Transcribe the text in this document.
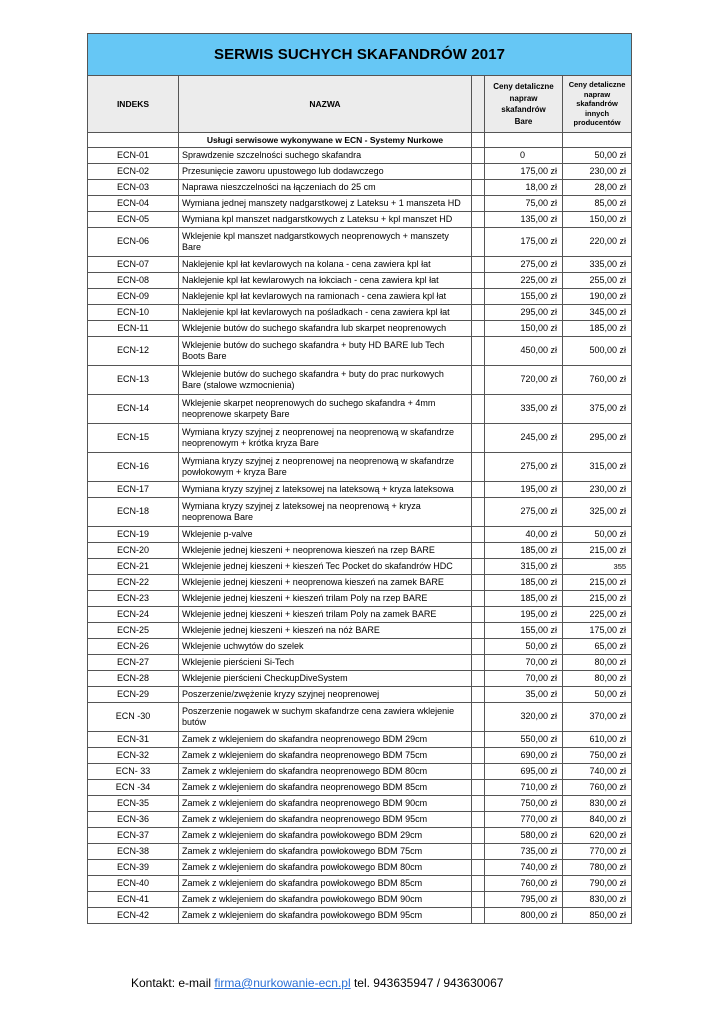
SERWIS SUCHYCH SKAFANDRÓW 2017				
INDEKS	NAZWA		Ceny detaliczne
napraw
skafandrów
Bare	Ceny detaliczne
napraw
skafandrów
innych
producentów
	Usługi serwisowe wykonywane w ECN - Systemy Nurkowe			
ECN-01	Sprawdzenie szczelności suchego skafandra		0	50,00 zł
ECN-02	Przesunięcie zaworu upustowego lub dodawczego		175,00 zł	230,00 zł
ECN-03	Naprawa nieszczelności na łączeniach do 25 cm		18,00 zł	28,00 zł
ECN-04	Wymiana jednej manszety nadgarstkowej z Lateksu + 1 manszeta HD		75,00 zł	85,00 zł
ECN-05	Wymiana kpl manszet nadgarstkowych z Lateksu + kpl manszet HD		135,00 zł	150,00 zł
ECN-06	Wklejenie kpl manszet nadgarstkowych neoprenowych + manszety
Bare		175,00 zł	220,00 zł
ECN-07	Naklejenie kpl łat kevlarowych na kolana - cena zawiera kpl łat		275,00 zł	335,00 zł
ECN-08	Naklejenie kpl łat kewlarowych na łokciach - cena zawiera kpl łat		225,00 zł	255,00 zł
ECN-09	Naklejenie kpl łat kevlarowych na ramionach - cena zawiera kpl łat		155,00 zł	190,00 zł
ECN-10	Naklejenie kpl łat kevlarowych na pośladkach - cena zawiera kpl łat		295,00 zł	345,00 zł
ECN-11	Wklejenie butów do suchego skafandra lub skarpet neoprenowych		150,00 zł	185,00 zł
ECN-12	Wklejenie butów do suchego skafandra + buty HD BARE lub Tech
Boots Bare		450,00 zł	500,00 zł
ECN-13	Wklejenie butów do suchego skafandra + buty do prac nurkowych
Bare (stalowe wzmocnienia)		720,00 zł	760,00 zł
ECN-14	Wklejenie skarpet neoprenowych do suchego skafandra + 4mm
neoprenowe skarpety Bare		335,00 zł	375,00 zł
ECN-15	Wymiana kryzy szyjnej z neoprenowej na neoprenową w skafandrze
neoprenowym + krótka kryza Bare		245,00 zł	295,00 zł
ECN-16	Wymiana kryzy szyjnej z neoprenowej na neoprenową w skafandrze
powłokowym + kryza Bare		275,00 zł	315,00 zł
ECN-17	Wymiana kryzy szyjnej z lateksowej na lateksową + kryza lateksowa		195,00 zł	230,00 zł
ECN-18	Wymiana kryzy szyjnej z lateksowej na neoprenową + kryza
neoprenowa Bare		275,00 zł	325,00 zł
ECN-19	Wklejenie p-valve		40,00 zł	50,00 zł
ECN-20	Wklejenie jednej kieszeni + neoprenowa kieszeń na rzep BARE		185,00 zł	215,00 zł
ECN-21	Wklejenie jednej kieszeni + kieszeń Tec Pocket do skafandrów HDC		315,00 zł	355
ECN-22	Wklejenie jednej kieszeni + neoprenowa kieszeń na zamek BARE		185,00 zł	215,00 zł
ECN-23	Wklejenie jednej kieszeni + kieszeń trilam Poly na rzep BARE		185,00 zł	215,00 zł
ECN-24	Wklejenie jednej kieszeni + kieszeń trilam Poly na zamek BARE		195,00 zł	225,00 zł
ECN-25	Wklejenie jednej kieszeni + kieszeń na nóż BARE		155,00 zł	175,00 zł
ECN-26	Wklejenie uchwytów do szelek		50,00 zł	65,00 zł
ECN-27	Wklejenie pierścieni Si-Tech		70,00 zł	80,00 zł
ECN-28	Wklejenie pierścieni CheckupDiveSystem		70,00 zł	80,00 zł
ECN-29	Poszerzenie/zwężenie kryzy szyjnej neoprenowej		35,00 zł	50,00 zł
ECN -30	Poszerzenie nogawek w suchym skafandrze cena zawiera wklejenie
butów		320,00 zł	370,00 zł
ECN-31	Zamek z wklejeniem do skafandra neoprenowego BDM 29cm		550,00 zł	610,00 zł
ECN-32	Zamek z wklejeniem do skafandra neoprenowego BDM 75cm		690,00 zł	750,00 zł
ECN- 33	Zamek z wklejeniem do skafandra neoprenowego BDM 80cm		695,00 zł	740,00 zł
ECN -34	Zamek z wklejeniem do skafandra neoprenowego BDM 85cm		710,00 zł	760,00 zł
ECN-35	Zamek z wklejeniem do skafandra neoprenowego BDM 90cm		750,00 zł	830,00 zł
ECN-36	Zamek z wklejeniem do skafandra neoprenowego BDM 95cm		770,00 zł	840,00 zł
ECN-37	Zamek z wklejeniem do skafandra powłokowego BDM 29cm		580,00 zł	620,00 zł
ECN-38	Zamek z wklejeniem do skafandra powłokowego BDM 75cm		735,00 zł	770,00 zł
ECN-39	Zamek z wklejeniem do skafandra powłokowego BDM 80cm		740,00 zł	780,00 zł
ECN-40	Zamek z wklejeniem do skafandra powłokowego BDM 85cm		760,00 zł	790,00 zł
ECN-41	Zamek z wklejeniem do skafandra powłokowego BDM 90cm		795,00 zł	830,00 zł
ECN-42	Zamek z wklejeniem do skafandra powłokowego BDM 95cm		800,00 zł	850,00 zł
Kontakt: e-mail firma@nurkowanie-ecn.pl tel. 943635947 / 943630067
